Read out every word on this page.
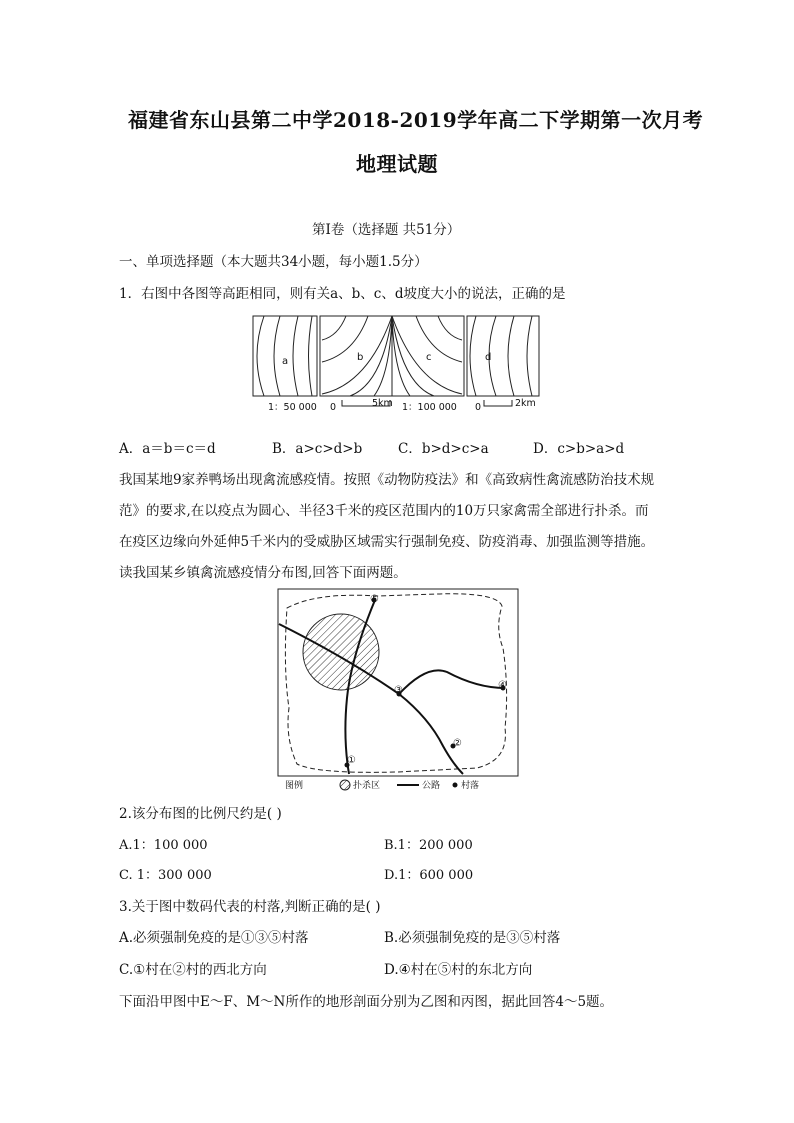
福建省东山县第二中学2018-2019学年高二下学期第一次月考
地理试题
第Ⅰ卷（选择题 共51分）
一、单项选择题（本大题共34小题，每小题1.5分）
1．右图中各图等高距相同，则有关a、b、c、d坡度大小的说法，正确的是
a	b	c	d
1：50 000 0	5km 1：100 000 0	2km
A．a＝b＝c＝d	B．a>c>d>b	C．b>d>c>a	D．c>b>a>d
我国某地9家养鸭场出现禽流感疫情。按照《动物防疫法》和《高致病性禽流感防治技术规
范》的要求,在以疫点为圆心、半径3千米的疫区范围内的10万只家禽需全部进行扑杀。而
在疫区边缘向外延伸5千米内的受威胁区域需实行强制免疫、防疫消毒、加强监测等措施。
读我国某乡镇禽流感疫情分布图,回答下面两题。
⑤
②
③	④
①
图例	扑杀区	公路 村落
2.该分布图的比例尺约是( )
A.1：100 000	B.1：200 000
C. 1：300 000	D.1：600 000
3.关于图中数码代表的村落,判断正确的是( )
A.必须强制免疫的是①③⑤村落	B.必须强制免疫的是③⑤村落
C.①村在②村的西北方向	D.④村在⑤村的东北方向
下面沿甲图中E～F、M～N所作的地形剖面分别为乙图和丙图，据此回答4～5题。
